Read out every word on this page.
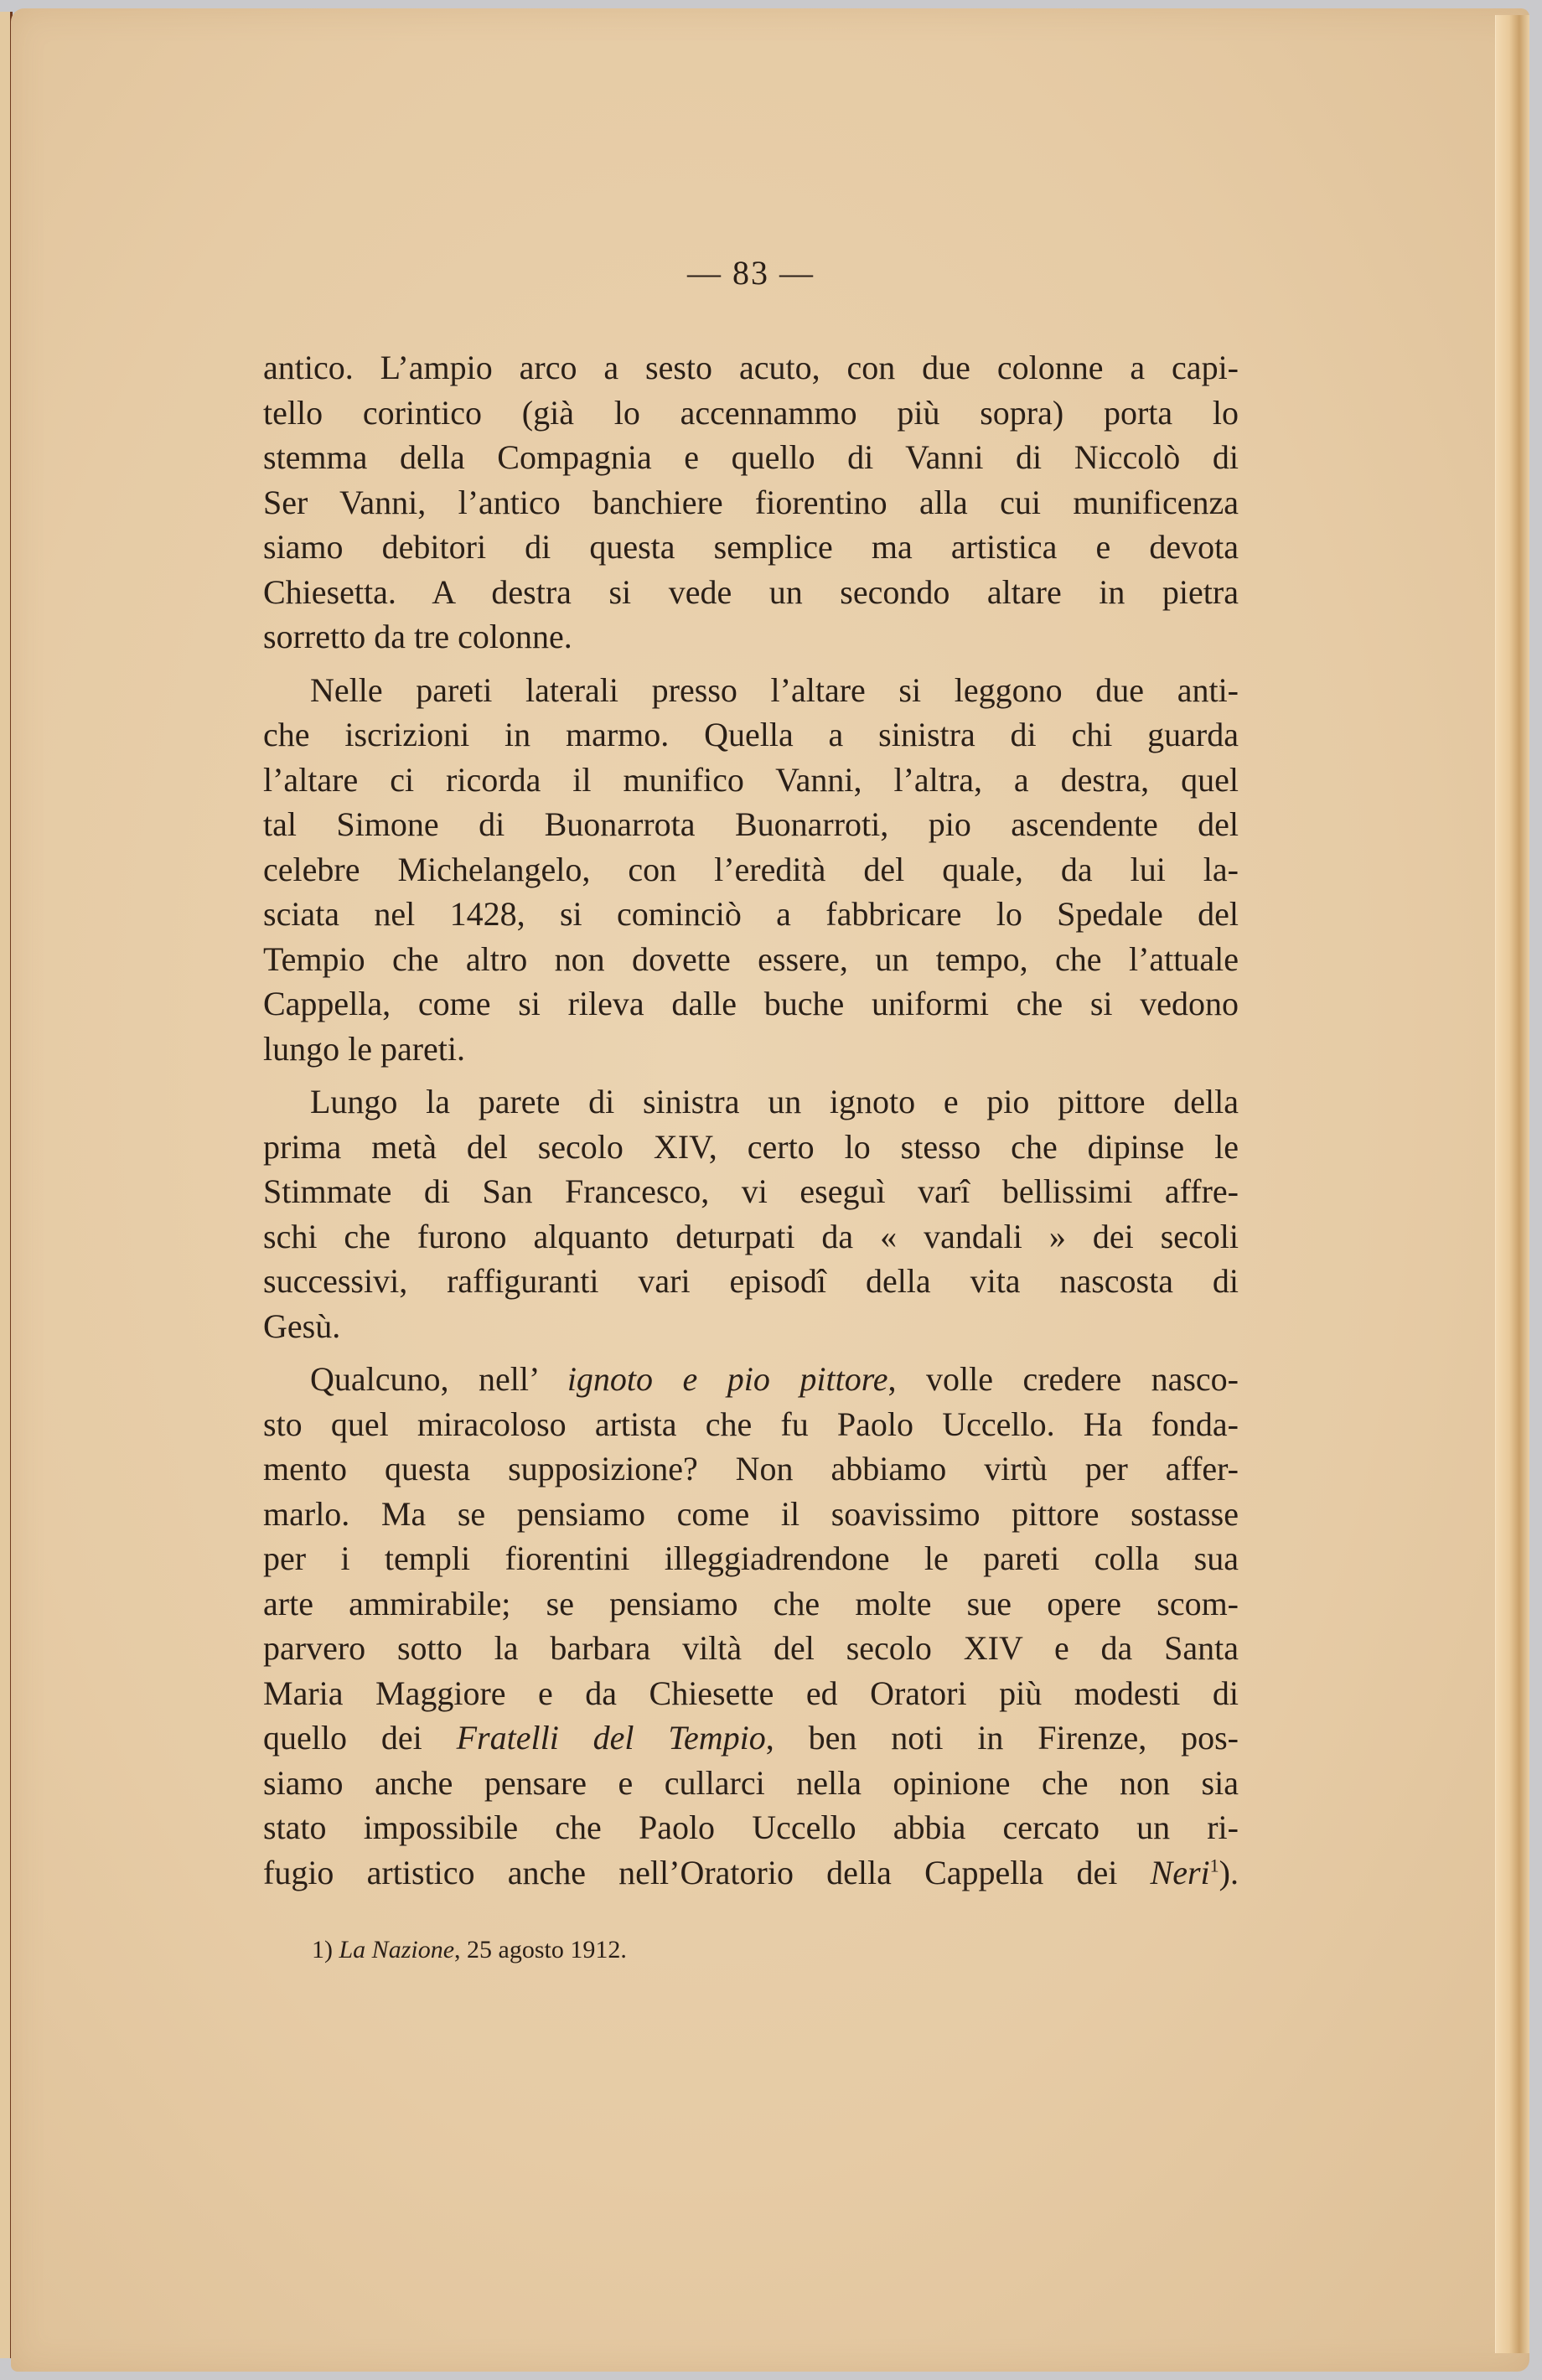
— 83 —
antico. L’ampio arco a sesto acuto, con due colonne a capi-
tello corintico (già lo accennammo più sopra) porta lo
stemma della Compagnia e quello di Vanni di Niccolò di
Ser Vanni, l’antico banchiere fiorentino alla cui munificenza
siamo debitori di questa semplice ma artistica e devota
Chiesetta. A destra si vede un secondo altare in pietra
sorretto da tre colonne.
Nelle pareti laterali presso l’altare si leggono due anti-
che iscrizioni in marmo. Quella a sinistra di chi guarda
l’altare ci ricorda il munifico Vanni, l’altra, a destra, quel
tal Simone di Buonarrota Buonarroti, pio ascendente del
celebre Michelangelo, con l’eredità del quale, da lui la-
sciata nel 1428, si cominciò a fabbricare lo Spedale del
Tempio che altro non dovette essere, un tempo, che l’attuale
Cappella, come si rileva dalle buche uniformi che si vedono
lungo le pareti.
Lungo la parete di sinistra un ignoto e pio pittore della
prima metà del secolo XIV, certo lo stesso che dipinse le
Stimmate di San Francesco, vi eseguì varî bellissimi affre-
schi che furono alquanto deturpati da « vandali » dei secoli
successivi, raffiguranti vari episodî della vita nascosta di
Gesù.
Qualcuno, nell’ ignoto e pio pittore, volle credere nasco-
sto quel miracoloso artista che fu Paolo Uccello. Ha fonda-
mento questa supposizione? Non abbiamo virtù per affer-
marlo. Ma se pensiamo come il soavissimo pittore sostasse
per i templi fiorentini illeggiadrendone le pareti colla sua
arte ammirabile; se pensiamo che molte sue opere scom-
parvero sotto la barbara viltà del secolo XIV e da Santa
Maria Maggiore e da Chiesette ed Oratori più modesti di
quello dei Fratelli del Tempio, ben noti in Firenze, pos-
siamo anche pensare e cullarci nella opinione che non sia
stato impossibile che Paolo Uccello abbia cercato un ri-
fugio artistico anche nell’Oratorio della Cappella dei Neri$^1$).
1) La Nazione, 25 agosto 1912.
